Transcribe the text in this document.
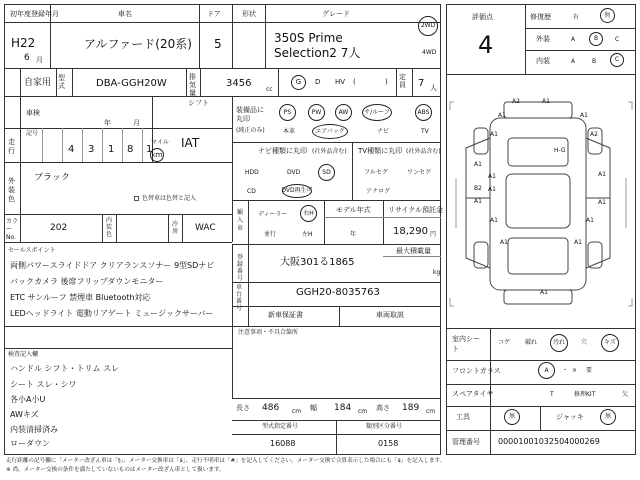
初年度登録年月
H22
6 月
車名
アルファード(20系)
ドア
5
形状	グレード
350S Prime Selection2 7人
2WD
4WD
自家用 型式	DBA-GGH20W
排気量
3456
cc
G	D HV (	)
定員	7 人
車検
年	月
シフト
IAT
走行
記号
4 3 1 8 1
マイル
km
外装色
ブラック
色替車は色替と記入
カラーNo.
202
内装色
冷房 WAC
装備品に丸印
(純正のみ)
PS	PW	AW	サ/ルーフ	ABS
本革	エアバック	ナビ	TV
ナビ種類に丸印 (社外品含む)
HDD	DVD	SD
CD	DVD再生可
TV種類に丸印 (社外品含む)
フルセグ	ワンセグ
アナログ
輸入車
ディーラー	右H
並行	左H
モデル年式
年
リサイクル預託金
18,290 円
セールスポイント
両側パワースライドドア クリアランスソナー 9型SDナビ
バックカメラ 後席フリップダウンモニター
ETC サンルーフ 禁煙車 Bluetooth対応
LEDヘッドライト 電動リアゲート ミュージックサーバー
最大積載量
kg
登録番号
大阪301る1865
車台番号
GGH20-8035763
新車保証書	車両取説
注意事項・不具合箇所
検査記入欄
ハンドル シフト・トリム スレ
シート スレ・シワ
各小A小U
AWキズ
内装清掃済み
ローダウン
長さ 486 cm 幅 184 cm 高さ 189 cm
型式指定番号
16088
類別区分番号
0158
評価点
4
修復歴	有	無
外装	A	B	C
内装	A	B	C
A2	A1
A1	A1
A1	A2
A1
A1
B2 A1
A1
A1
A1
A1	A1
A1	A1
A1
H-G
室内シート
コゲ 破れ	汚れ	穴	キズ
フロントガラス	A	・ × 要
スペアタイヤ	T	修理KIT	欠
工具	無	ジャッキ	無
管理番号 00001001032504000269
走行距離の記号欄に「メーター改ざん車は「§」、メーター交換車は「$」、走行不明車は「#」を記入してください。メーター交換で合算表示した場合にも「$」を記入します。
※ 尚、メーター交換の条件を満たしていないものはメーター改ざん車として扱います。
